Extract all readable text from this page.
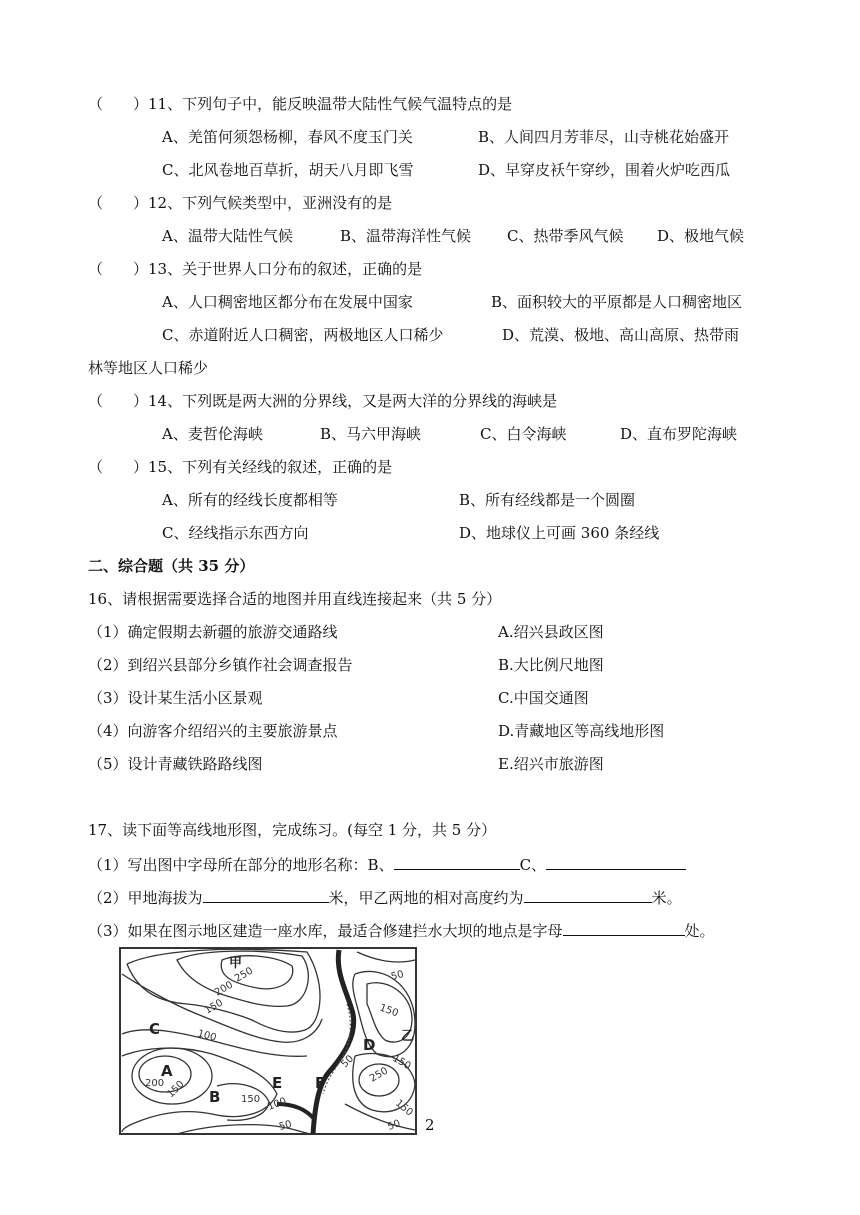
（　　）11、下列句子中，能反映温带大陆性气候气温特点的是
A、羌笛何须怨杨柳，春风不度玉门关	B、人间四月芳菲尽，山寺桃花始盛开
C、北风卷地百草折，胡天八月即飞雪	D、早穿皮袄午穿纱，围着火炉吃西瓜
（　　）12、下列气候类型中，亚洲没有的是
A、温带大陆性气候	B、温带海洋性气候 C、热带季风气候 D、极地气候
（　　）13、关于世界人口分布的叙述，正确的是
A、人口稠密地区都分布在发展中国家	B、面积较大的平原都是人口稠密地区
C、赤道附近人口稠密，两极地区人口稀少	D、荒漠、极地、高山高原、热带雨
林等地区人口稀少
（　　）14、下列既是两大洲的分界线，又是两大洋的分界线的海峡是
A、麦哲伦海峡	B、马六甲海峡	C、白令海峡	D、直布罗陀海峡
（　　）15、下列有关经线的叙述，正确的是
A、所有的经线长度都相等	B、所有经线都是一个圆圈
C、经线指示东西方向	D、地球仪上可画 360 条经线
二、综合题（共 35 分）
16、请根据需要选择合适的地图并用直线连接起来（共 5 分）
（1）确定假期去新疆的旅游交通路线	A.绍兴县政区图
（2）到绍兴县部分乡镇作社会调查报告	B.大比例尺地图
（3）设计某生活小区景观	C.中国交通图
（4）向游客介绍绍兴的主要旅游景点	D.青藏地区等高线地形图
（5）设计青藏铁路路线图	E.绍兴市旅游图
17、读下面等高线地形图，完成练习。(每空 1 分，共 5 分）
（1）写出图中字母所在部分的地形名称：B、	C、
（2）甲地海拔为	米，甲乙两地的相对高度约为	米。
（3）如果在图示地区建造一座水库，最适合修建拦水大坝的地点是字母	处。
甲
乙
A
B
C
D
E F
250
200
150
100
50
150
200 150	150 100
50
50	150
250
150
50 2
